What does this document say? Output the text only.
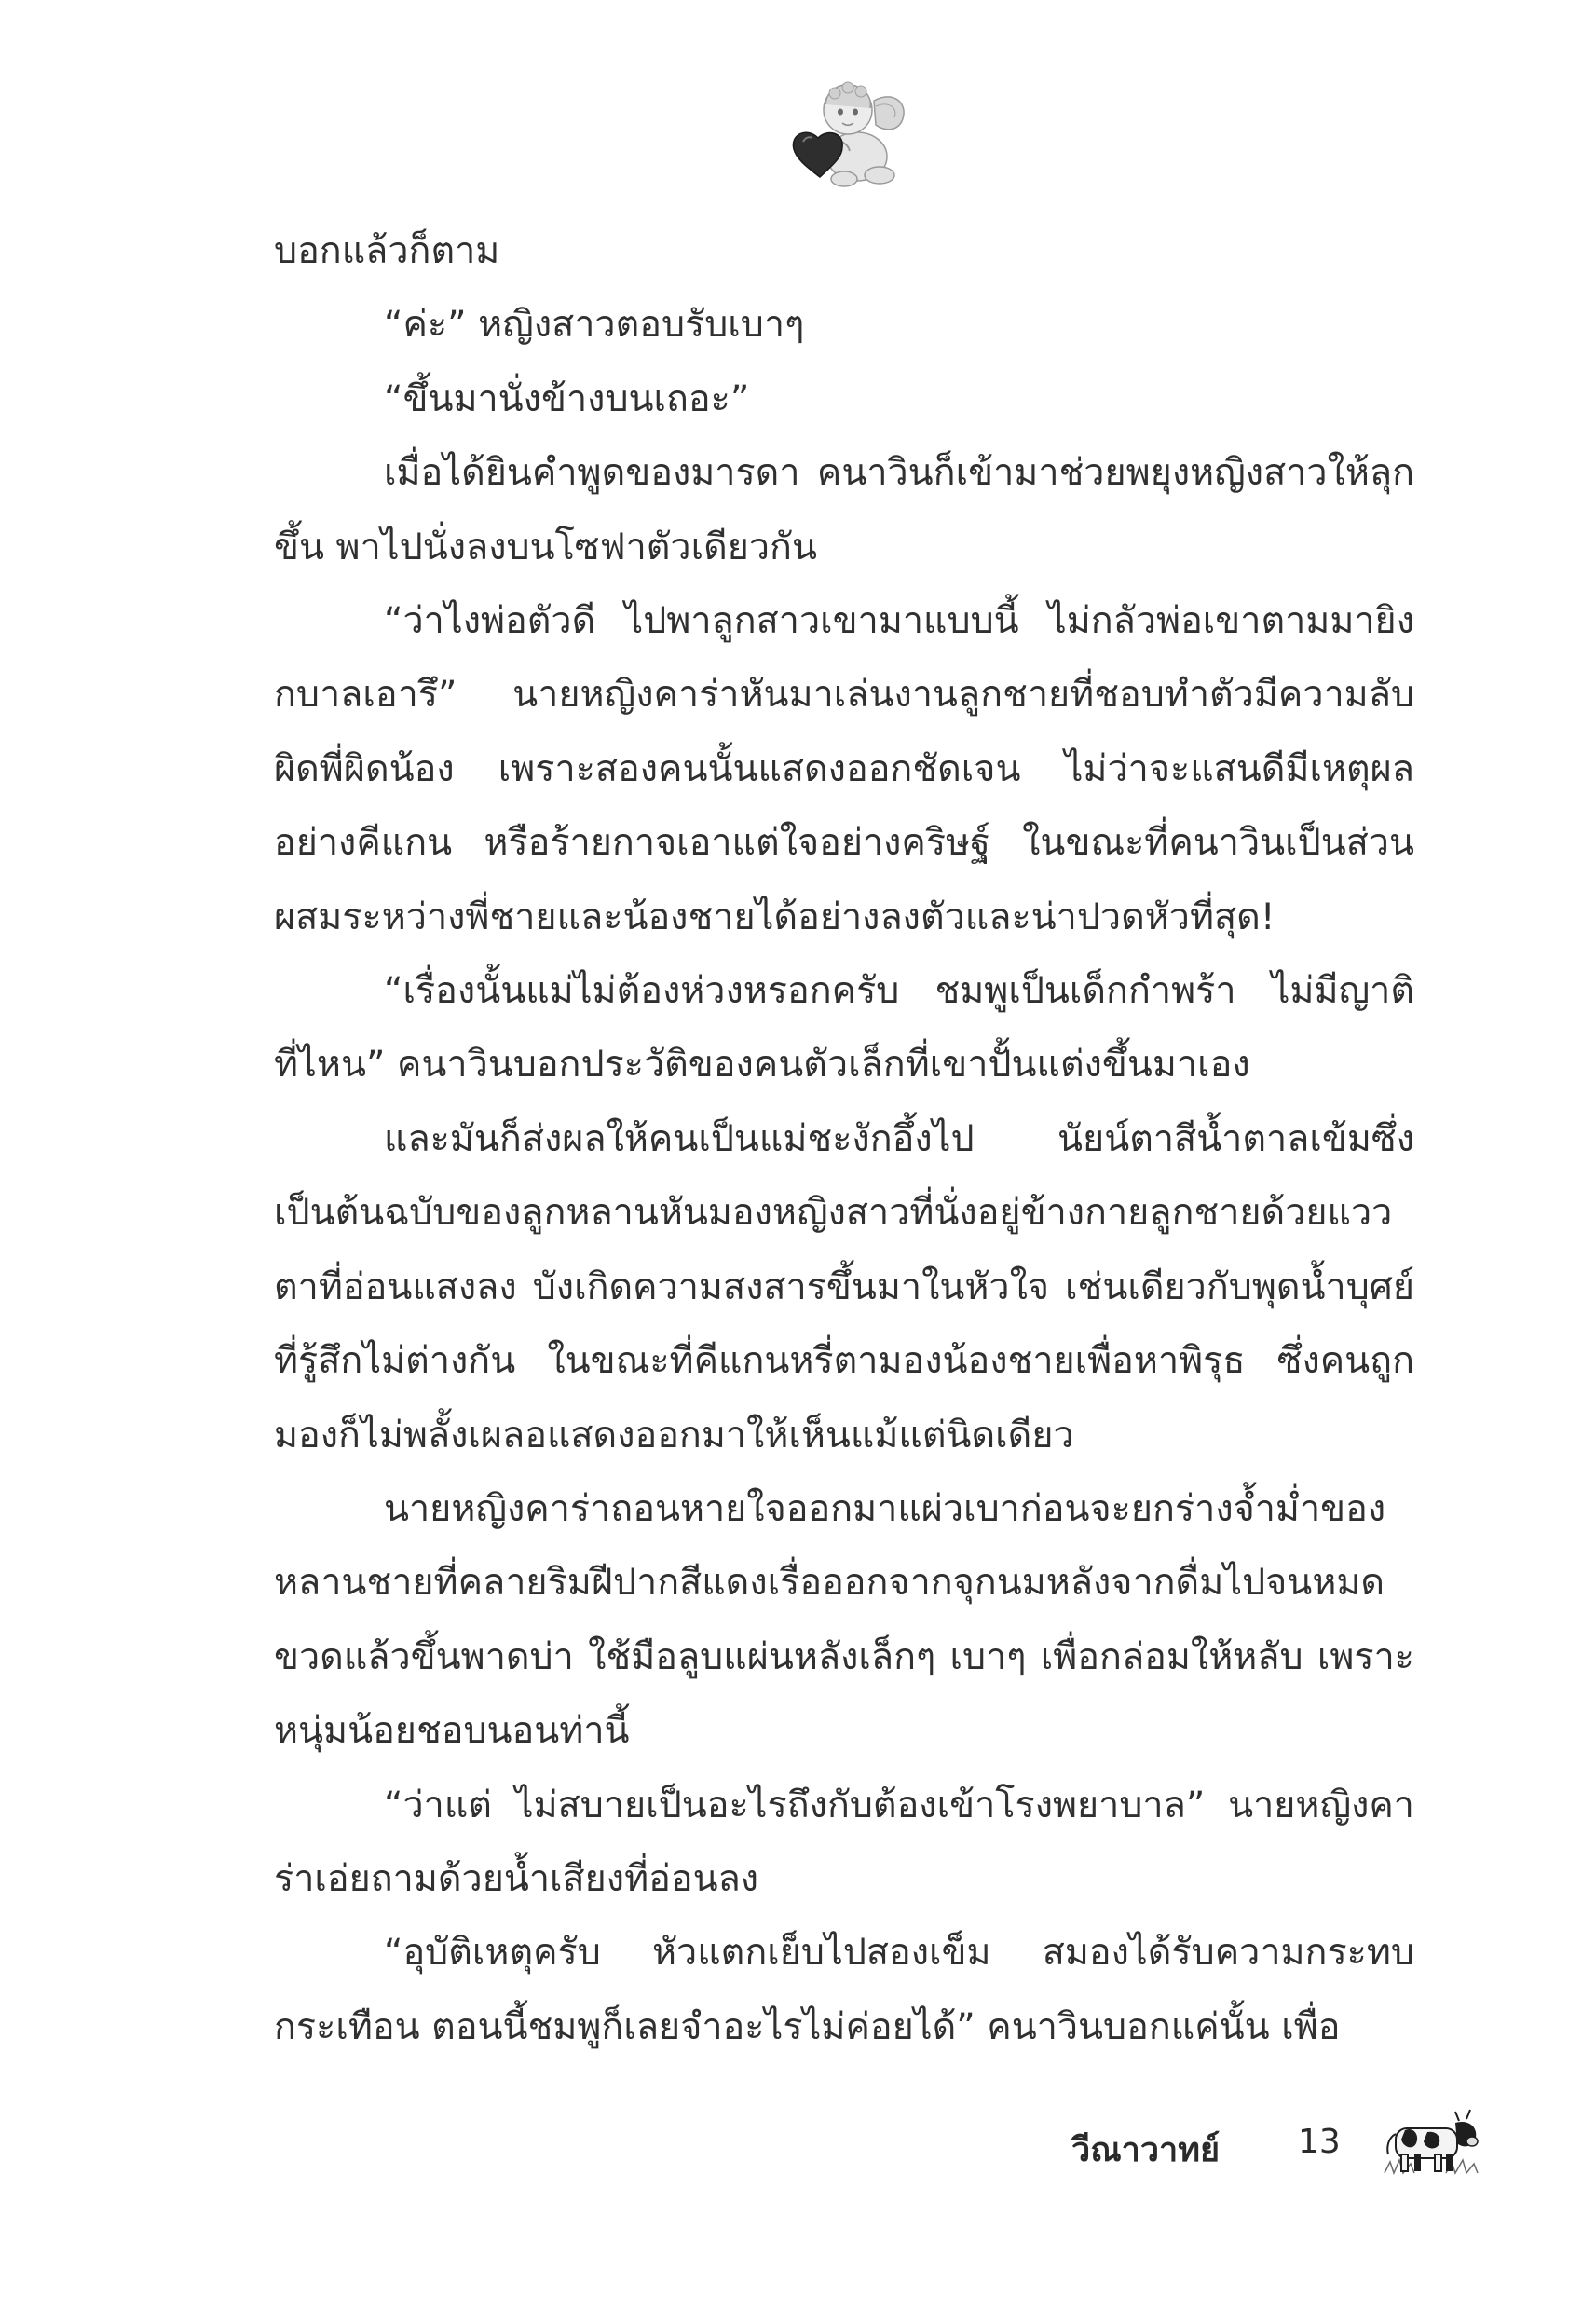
บอกแล้วก็ตาม

“ค่ะ” หญิงสาวตอบรับเบาๆ

“ขึ้นมานั่งข้างบนเถอะ”

เมื่อได้ยินคำพูดของมารดา คนาวินก็เข้ามาช่วยพยุงหญิงสาวให้ลุกขึ้น พาไปนั่งลงบนโซฟาตัวเดียวกัน

“ว่าไงพ่อตัวดี ไปพาลูกสาวเขามาแบบนี้ ไม่กลัวพ่อเขาตามมายิงกบาลเอารึ” นายหญิงคาร่าหันมาเล่นงานลูกชายที่ชอบทำตัวมีความลับ ผิดพี่ผิดน้อง เพราะสองคนนั้นแสดงออกชัดเจน ไม่ว่าจะแสนดีมีเหตุผลอย่างคีแกน หรือร้ายกาจเอาแต่ใจอย่างคริษฐ์ ในขณะที่คนาวินเป็นส่วนผสมระหว่างพี่ชายและน้องชายได้อย่างลงตัวและน่าปวดหัวที่สุด!

“เรื่องนั้นแม่ไม่ต้องห่วงหรอกครับ ชมพูเป็นเด็กกำพร้า ไม่มีญาติที่ไหน” คนาวินบอกประวัติของคนตัวเล็กที่เขาปั้นแต่งขึ้นมาเอง

และมันก็ส่งผลให้คนเป็นแม่ชะงักอึ้งไป นัยน์ตาสีน้ำตาลเข้มซึ่งเป็นต้นฉบับของลูกหลานหันมองหญิงสาวที่นั่งอยู่ข้างกายลูกชายด้วยแววตาที่อ่อนแสงลง บังเกิดความสงสารขึ้นมาในหัวใจ เช่นเดียวกับพุดน้ำบุศย์ที่รู้สึกไม่ต่างกัน ในขณะที่คีแกนหรี่ตามองน้องชายเพื่อหาพิรุธ ซึ่งคนถูกมองก็ไม่พลั้งเผลอแสดงออกมาให้เห็นแม้แต่นิดเดียว

นายหญิงคาร่าถอนหายใจออกมาแผ่วเบาก่อนจะยกร่างจ้ำม่ำของหลานชายที่คลายริมฝีปากสีแดงเรื่อออกจากจุกนมหลังจากดื่มไปจนหมดขวดแล้วขึ้นพาดบ่า ใช้มือลูบแผ่นหลังเล็กๆ เบาๆ เพื่อกล่อมให้หลับ เพราะหนุ่มน้อยชอบนอนท่านี้

“ว่าแต่ ไม่สบายเป็นอะไรถึงกับต้องเข้าโรงพยาบาล” นายหญิงคาร่าเอ่ยถามด้วยน้ำเสียงที่อ่อนลง

“อุบัติเหตุครับ หัวแตกเย็บไปสองเข็ม สมองได้รับความกระทบกระเทือน ตอนนี้ชมพูก็เลยจำอะไรไม่ค่อยได้” คนาวินบอกแค่นั้น เพื่อ

วีณาวาทย์ 13
